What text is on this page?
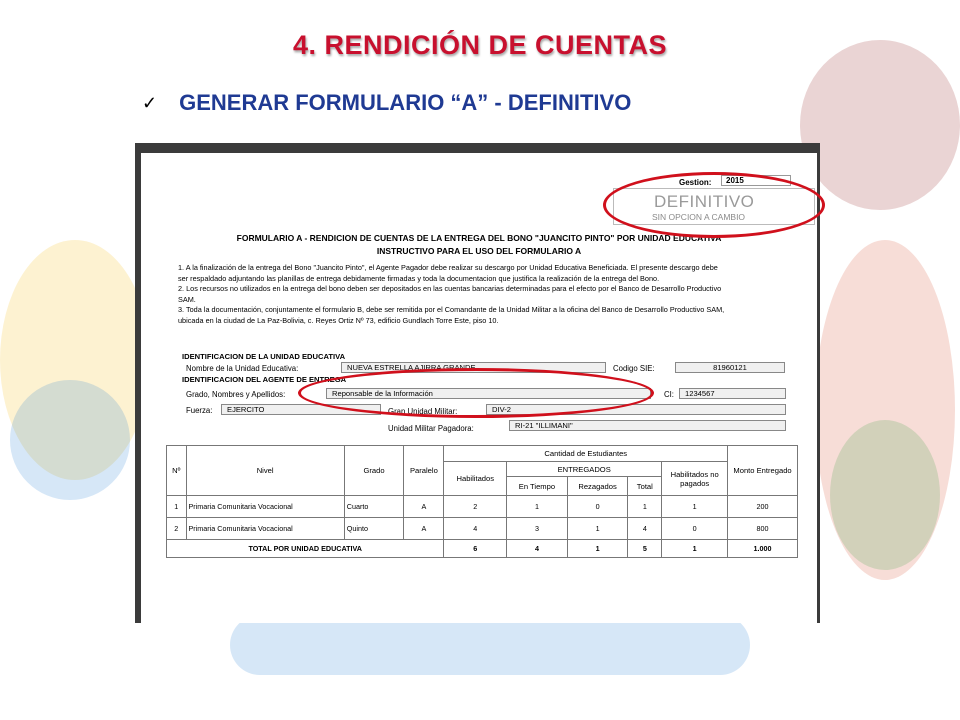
4. RENDICIÓN DE CUENTAS
✓ GENERAR FORMULARIO “A” - DEFINITIVO
Gestion:	2015
DEFINITIVO
SIN OPCION A CAMBIO
FORMULARIO A - RENDICION DE CUENTAS DE LA ENTREGA DEL BONO "JUANCITO PINTO" POR UNIDAD EDUCATIVA
INSTRUCTIVO PARA EL USO DEL FORMULARIO A

1. A la finalización de la entrega del Bono "Juancito Pinto", el Agente Pagador debe realizar su descargo por Unidad Educativa Beneficiada. El presente descargo debe ser respaldado adjuntando las planillas de entrega debidamente firmadas y toda la documentacion que justifica la realización de la entrega del Bono.

2. Los recursos no utilizados en la entrega del bono deben ser depositados en las cuentas bancarias determinadas para el efecto por el Banco de Desarrollo Productivo SAM.

3. Toda la documentación, conjuntamente el formulario B, debe ser remitida por el Comandante de la Unidad Militar a la oficina del Banco de Desarrollo Productivo SAM, ubicada en la ciudad de La Paz-Bolivia, c. Reyes Ortiz Nº 73, edificio Gundlach Torre Este, piso 10.

IDENTIFICACION DE LA UNIDAD EDUCATIVA
Nombre de la Unidad Educativa:	NUEVA ESTRELLA AJIRRA GRANDE	Codigo SIE:	81960121
IDENTIFICACION DEL AGENTE DE ENTREGA
Grado, Nombres y Apellidos:	Reponsable de la Información	CI:	1234567
Fuerza:	EJERCITO	Gran Unidad Militar:	DIV-2
Unidad Militar Pagadora:	RI-21 "ILLIMANI"
Nº	Nivel	Grado	Paralelo	Cantidad de Estudiantes					Monto Entregado
				Habilitados	ENTREGADOS			Habilitados no pagados	
					En Tiempo	Rezagados	Total		
1	Primaria Comunitaria Vocacional	Cuarto	A	2	1	0	1	1	200
2	Primaria Comunitaria Vocacional	Quinto	A	4	3	1	4	0	800
TOTAL POR UNIDAD EDUCATIVA				6	4	1	5	1	1.000
